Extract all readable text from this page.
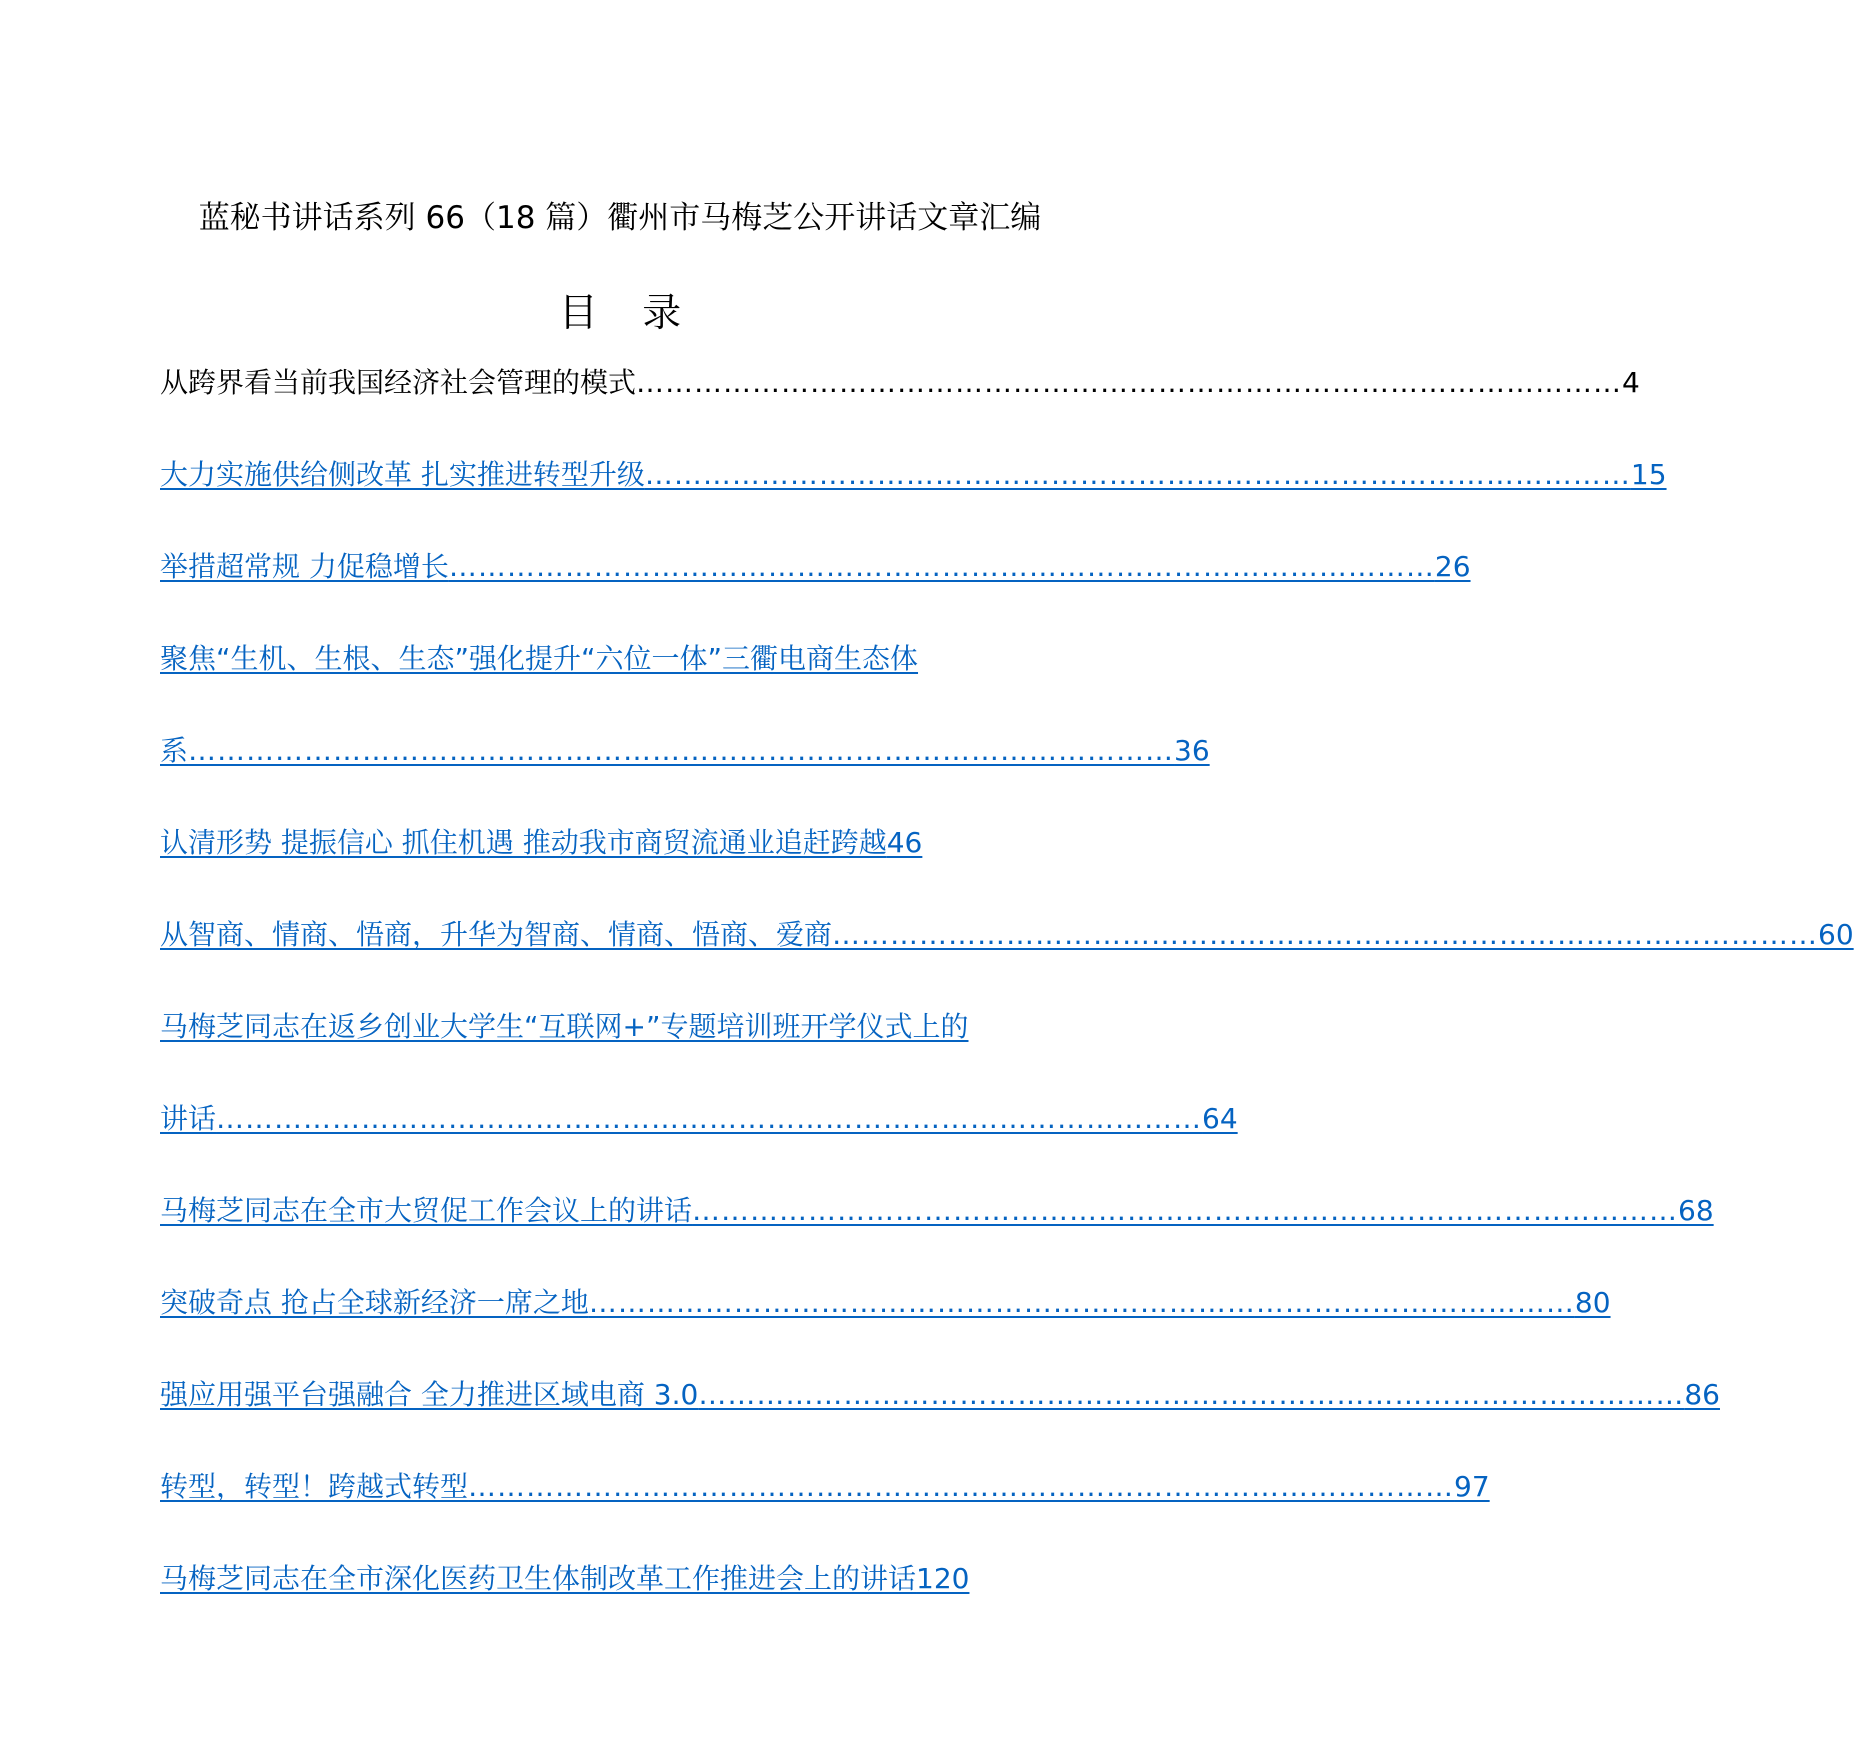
蓝秘书讲话系列 66（18 篇）衢州市马梅芝公开讲话文章汇编
目 录
从跨界看当前我国经济社会管理的模式 ………………………………………………………………………………………… 4
大力实施供给侧改革 扎实推进转型升级 ………………………………………………………………………………………… 15
举措超常规 力促稳增长 ………………………………………………………………………………………… 26
聚焦“生机、生根、生态”强化提升“六位一体”三衢电商生态体
系 ………………………………………………………………………………………… 36
认清形势 提振信心 抓住机遇 推动我市商贸流通业追赶跨越 46
从智商、情商、悟商，升华为智商、情商、悟商、爱商 ………………………………………………………………………………………… 60
马梅芝同志在返乡创业大学生“互联网+”专题培训班开学仪式上的
讲话 ………………………………………………………………………………………… 64
马梅芝同志在全市大贸促工作会议上的讲话 ………………………………………………………………………………………… 68
突破奇点 抢占全球新经济一席之地 ………………………………………………………………………………………… 80
强应用强平台强融合 全力推进区域电商 3.0 ………………………………………………………………………………………… 86
转型，转型！跨越式转型 ………………………………………………………………………………………… 97
马梅芝同志在全市深化医药卫生体制改革工作推进会上的讲话 120
